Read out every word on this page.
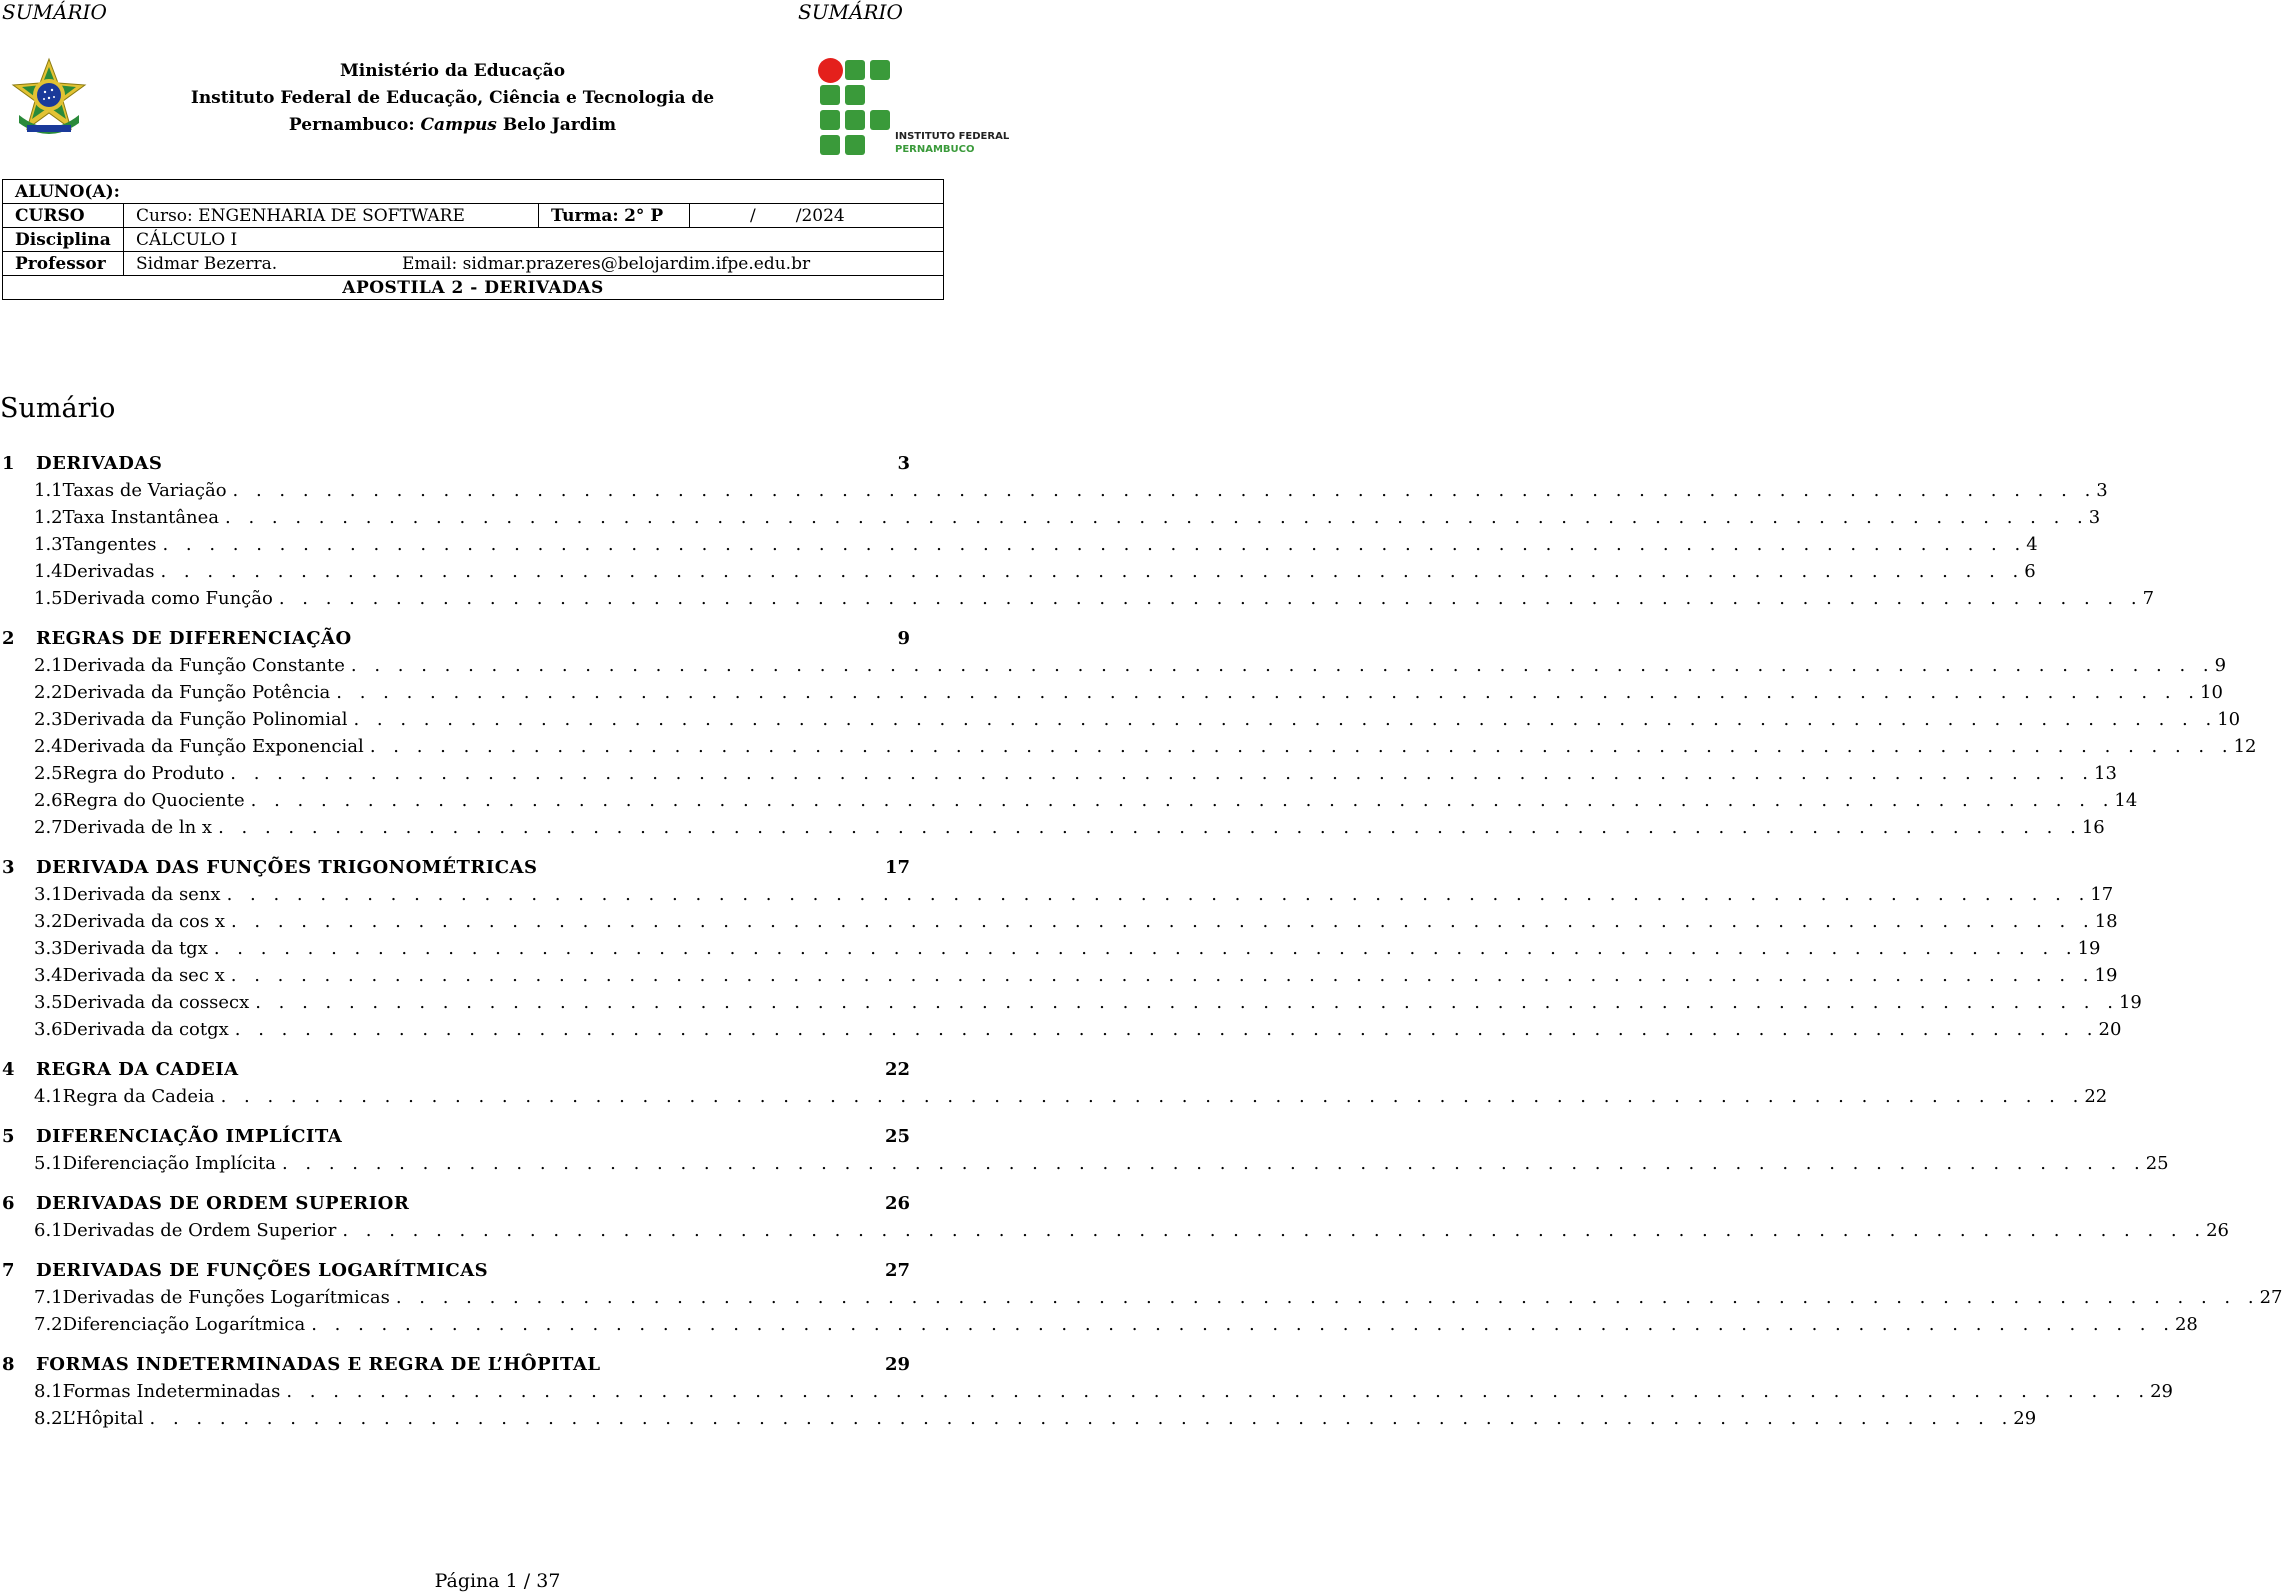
SUMÁRIO	SUMÁRIO
Ministério da Educação
Instituto Federal de Educação, Ciência e Tecnologia de
Pernambuco: Campus Belo Jardim
INSTITUTO FEDERAL
PERNAMBUCO
ALUNO(A):			
CURSO	Curso: ENGENHARIA DE SOFTWARE	Turma: 2° P	/ /2024
Disciplina	CÁLCULO I		
Professor	Sidmar Bezerra. Email: sidmar.prazeres@belojardim.ifpe.edu.br		
APOSTILA 2 - DERIVADAS			
Sumário
1	DERIVADAS	3
1.1 Taxas de Variação . . . . . . . . . . . . . . . . . . . . . . . . . . . . . . . . . . . . . . . . . . . . . . . . . . . . . . . . . . . . . . . . . . . . . . . . . . . . . . . . 3
1.2 Taxa Instantânea . . . . . . . . . . . . . . . . . . . . . . . . . . . . . . . . . . . . . . . . . . . . . . . . . . . . . . . . . . . . . . . . . . . . . . . . . . . . . . . . 3
1.3 Tangentes . . . . . . . . . . . . . . . . . . . . . . . . . . . . . . . . . . . . . . . . . . . . . . . . . . . . . . . . . . . . . . . . . . . . . . . . . . . . . . . . 4
1.4 Derivadas . . . . . . . . . . . . . . . . . . . . . . . . . . . . . . . . . . . . . . . . . . . . . . . . . . . . . . . . . . . . . . . . . . . . . . . . . . . . . . . . 6
1.5 Derivada como Função . . . . . . . . . . . . . . . . . . . . . . . . . . . . . . . . . . . . . . . . . . . . . . . . . . . . . . . . . . . . . . . . . . . . . . . . . . . . . . . . 7
2	REGRAS DE DIFERENCIAÇÃO	9
2.1 Derivada da Função Constante . . . . . . . . . . . . . . . . . . . . . . . . . . . . . . . . . . . . . . . . . . . . . . . . . . . . . . . . . . . . . . . . . . . . . . . . . . . . . . . . 9
2.2 Derivada da Função Potência . . . . . . . . . . . . . . . . . . . . . . . . . . . . . . . . . . . . . . . . . . . . . . . . . . . . . . . . . . . . . . . . . . . . . . . . . . . . . . . . 10
2.3 Derivada da Função Polinomial . . . . . . . . . . . . . . . . . . . . . . . . . . . . . . . . . . . . . . . . . . . . . . . . . . . . . . . . . . . . . . . . . . . . . . . . . . . . . . . . 10
2.4 Derivada da Função Exponencial . . . . . . . . . . . . . . . . . . . . . . . . . . . . . . . . . . . . . . . . . . . . . . . . . . . . . . . . . . . . . . . . . . . . . . . . . . . . . . . . 12
2.5 Regra do Produto . . . . . . . . . . . . . . . . . . . . . . . . . . . . . . . . . . . . . . . . . . . . . . . . . . . . . . . . . . . . . . . . . . . . . . . . . . . . . . . . 13
2.6 Regra do Quociente . . . . . . . . . . . . . . . . . . . . . . . . . . . . . . . . . . . . . . . . . . . . . . . . . . . . . . . . . . . . . . . . . . . . . . . . . . . . . . . . 14
2.7 Derivada de ln x . . . . . . . . . . . . . . . . . . . . . . . . . . . . . . . . . . . . . . . . . . . . . . . . . . . . . . . . . . . . . . . . . . . . . . . . . . . . . . . . 16
3	DERIVADA DAS FUNÇÕES TRIGONOMÉTRICAS	17
3.1 Derivada da senx . . . . . . . . . . . . . . . . . . . . . . . . . . . . . . . . . . . . . . . . . . . . . . . . . . . . . . . . . . . . . . . . . . . . . . . . . . . . . . . . 17
3.2 Derivada da cos x . . . . . . . . . . . . . . . . . . . . . . . . . . . . . . . . . . . . . . . . . . . . . . . . . . . . . . . . . . . . . . . . . . . . . . . . . . . . . . . . 18
3.3 Derivada da tgx . . . . . . . . . . . . . . . . . . . . . . . . . . . . . . . . . . . . . . . . . . . . . . . . . . . . . . . . . . . . . . . . . . . . . . . . . . . . . . . . 19
3.4 Derivada da sec x . . . . . . . . . . . . . . . . . . . . . . . . . . . . . . . . . . . . . . . . . . . . . . . . . . . . . . . . . . . . . . . . . . . . . . . . . . . . . . . . 19
3.5 Derivada da cossecx . . . . . . . . . . . . . . . . . . . . . . . . . . . . . . . . . . . . . . . . . . . . . . . . . . . . . . . . . . . . . . . . . . . . . . . . . . . . . . . . 19
3.6 Derivada da cotgx . . . . . . . . . . . . . . . . . . . . . . . . . . . . . . . . . . . . . . . . . . . . . . . . . . . . . . . . . . . . . . . . . . . . . . . . . . . . . . . . 20
4	REGRA DA CADEIA	22
4.1 Regra da Cadeia . . . . . . . . . . . . . . . . . . . . . . . . . . . . . . . . . . . . . . . . . . . . . . . . . . . . . . . . . . . . . . . . . . . . . . . . . . . . . . . . 22
5	DIFERENCIAÇÃO IMPLÍCITA	25
5.1 Diferenciação Implícita . . . . . . . . . . . . . . . . . . . . . . . . . . . . . . . . . . . . . . . . . . . . . . . . . . . . . . . . . . . . . . . . . . . . . . . . . . . . . . . . 25
6	DERIVADAS DE ORDEM SUPERIOR	26
6.1 Derivadas de Ordem Superior . . . . . . . . . . . . . . . . . . . . . . . . . . . . . . . . . . . . . . . . . . . . . . . . . . . . . . . . . . . . . . . . . . . . . . . . . . . . . . . . 26
7	DERIVADAS DE FUNÇÕES LOGARÍTMICAS	27
7.1 Derivadas de Funções Logarítmicas . . . . . . . . . . . . . . . . . . . . . . . . . . . . . . . . . . . . . . . . . . . . . . . . . . . . . . . . . . . . . . . . . . . . . . . . . . . . . . . . 27
7.2 Diferenciação Logarítmica . . . . . . . . . . . . . . . . . . . . . . . . . . . . . . . . . . . . . . . . . . . . . . . . . . . . . . . . . . . . . . . . . . . . . . . . . . . . . . . . 28
8	FORMAS INDETERMINADAS E REGRA DE L’HÔPITAL	29
8.1 Formas Indeterminadas . . . . . . . . . . . . . . . . . . . . . . . . . . . . . . . . . . . . . . . . . . . . . . . . . . . . . . . . . . . . . . . . . . . . . . . . . . . . . . . . 29
8.2 L’Hôpital . . . . . . . . . . . . . . . . . . . . . . . . . . . . . . . . . . . . . . . . . . . . . . . . . . . . . . . . . . . . . . . . . . . . . . . . . . . . . . . . 29
Página 1 / 37
